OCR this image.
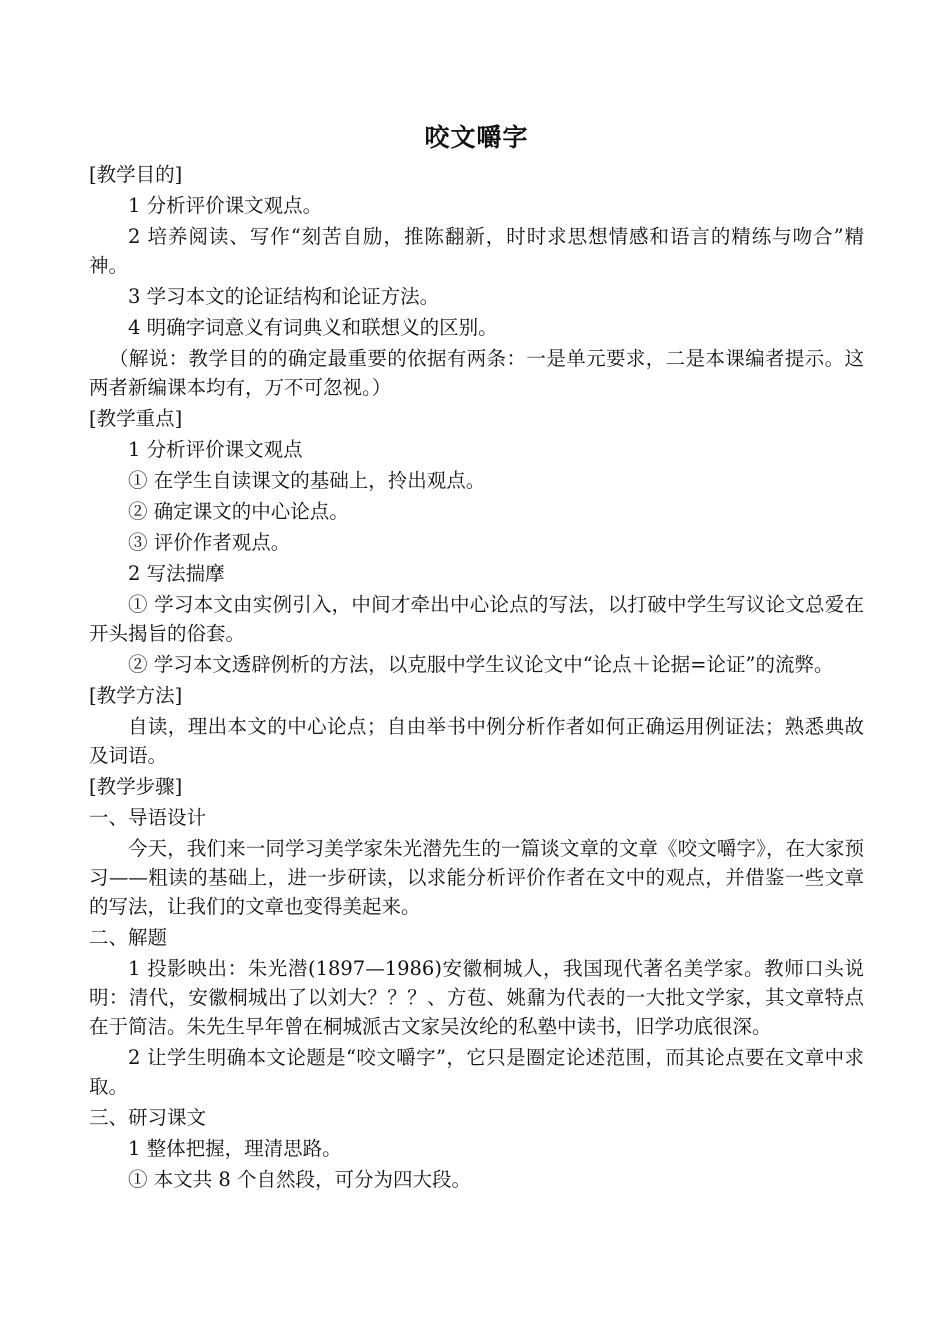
咬文嚼字

[教学目的]

1 分析评价课文观点。

2 培养阅读、写作“刻苦自励，推陈翻新，时时求思想情感和语言的精练与吻合”精神。

3 学习本文的论证结构和论证方法。

4 明确字词意义有词典义和联想义的区别。

（解说：教学目的的确定最重要的依据有两条：一是单元要求，二是本课编者提示。这两者新编课本均有，万不可忽视。）

[教学重点]

1 分析评价课文观点

① 在学生自读课文的基础上，拎出观点。

② 确定课文的中心论点。

③ 评价作者观点。

2 写法揣摩

① 学习本文由实例引入，中间才牵出中心论点的写法，以打破中学生写议论文总爱在开头揭旨的俗套。

② 学习本文透辟例析的方法，以克服中学生议论文中“论点＋论据=论证”的流弊。

[教学方法]

自读，理出本文的中心论点；自由举书中例分析作者如何正确运用例证法；熟悉典故及词语。

[教学步骤]

一、导语设计

今天，我们来一同学习美学家朱光潜先生的一篇谈文章的文章《咬文嚼字》，在大家预习——粗读的基础上，进一步研读，以求能分析评价作者在文中的观点，并借鉴一些文章的写法，让我们的文章也变得美起来。

二、解题

1 投影映出：朱光潜(1897—1986)安徽桐城人，我国现代著名美学家。教师口头说明：清代，安徽桐城出了以刘大？？？、方苞、姚鼐为代表的一大批文学家，其文章特点在于简洁。朱先生早年曾在桐城派古文家吴汝纶的私塾中读书，旧学功底很深。

2 让学生明确本文论题是“咬文嚼字”，它只是圈定论述范围，而其论点要在文章中求取。

三、研习课文

1 整体把握，理清思路。

① 本文共 8 个自然段，可分为四大段。
